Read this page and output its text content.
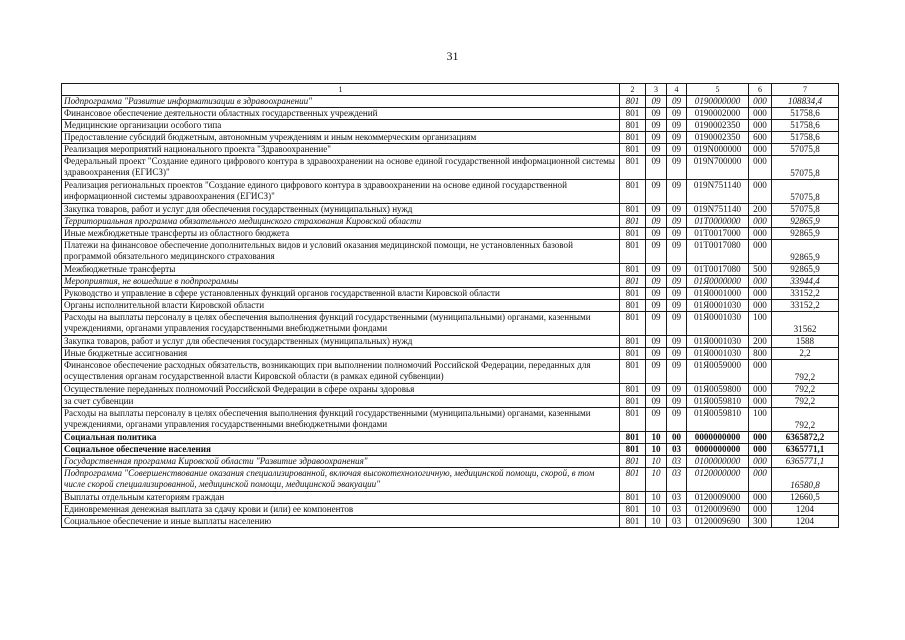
31
1	2	3	4	5	6	7
Подпрограмма "Развитие информатизации в здравоохранении"	801	09	09	0190000000	000	108834,4
Финансовое обеспечение деятельности областных государственных учреждений	801	09	09	0190002000	000	51758,6
Медицинские организации особого типа	801	09	09	0190002350	000	51758,6
Предоставление субсидий бюджетным, автономным учреждениям и иным некоммерческим организациям	801	09	09	0190002350	600	51758,6
Реализация мероприятий национального проекта "Здравоохранение"	801	09	09	019N000000	000	57075,8
Федеральный проект "Создание единого цифрового контура в здравоохранении на основе единой государственной информационной системы здравоохранения (ЕГИСЗ)"	801	09	09	019N700000	000	57075,8
Реализация региональных проектов "Создание единого цифрового контура в здравоохранении на основе единой государственной информационной системы здравоохранения (ЕГИСЗ)"	801	09	09	019N751140	000	57075,8
Закупка товаров, работ и услуг для обеспечения государственных (муниципальных) нужд	801	09	09	019N751140	200	57075,8
Территориальная программа обязательного медицинского страхования Кировской области	801	09	09	01Т0000000	000	92865,9
Иные межбюджетные трансферты из областного бюджета	801	09	09	01Т0017000	000	92865,9
Платежи на финансовое обеспечение дополнительных видов и условий оказания медицинской помощи, не установленных базовой программой обязательного медицинского страхования	801	09	09	01Т0017080	000	92865,9
Межбюджетные трансферты	801	09	09	01Т0017080	500	92865,9
Мероприятия, не вошедшие в подпрограммы	801	09	09	01Я0000000	000	33944,4
Руководство и управление в сфере установленных функций органов государственной власти Кировской области	801	09	09	01Я0001000	000	33152,2
Органы исполнительной власти Кировской области	801	09	09	01Я0001030	000	33152,2
Расходы на выплаты персоналу в целях обеспечения выполнения функций государственными (муниципальными) органами, казенными учреждениями, органами управления государственными внебюджетными фондами	801	09	09	01Я0001030	100	31562
Закупка товаров, работ и услуг для обеспечения государственных (муниципальных) нужд	801	09	09	01Я0001030	200	1588
Иные бюджетные ассигнования	801	09	09	01Я0001030	800	2,2
Финансовое обеспечение расходных обязательств, возникающих при выполнении полномочий Российской Федерации, переданных для осуществления органам государственной власти Кировской области (в рамках единой субвенции)	801	09	09	01Я0059000	000	792,2
Осуществление переданных полномочий Российской Федерации в сфере охраны здоровья	801	09	09	01Я0059800	000	792,2
за счет субвенции	801	09	09	01Я0059810	000	792,2
Расходы на выплаты персоналу в целях обеспечения выполнения функций государственными (муниципальными) органами, казенными учреждениями, органами управления государственными внебюджетными фондами	801	09	09	01Я0059810	100	792,2
Социальная политика	801	10	00	0000000000	000	6365872,2
Социальное обеспечение населения	801	10	03	0000000000	000	6365771,1
Государственная программа Кировской области "Развитие здравоохранения"	801	10	03	0100000000	000	6365771,1
Подпрограмма "Совершенствование оказания специализированной, включая высокотехнологичную, медицинской помощи, скорой, в том числе скорой специализированной, медицинской помощи, медицинской эвакуации"	801	10	03	0120000000	000	16580,8
Выплаты отдельным категориям граждан	801	10	03	0120009000	000	12660,5
Единовременная денежная выплата за сдачу крови и (или) ее компонентов	801	10	03	0120009690	000	1204
Социальное обеспечение и иные выплаты населению	801	10	03	0120009690	300	1204
